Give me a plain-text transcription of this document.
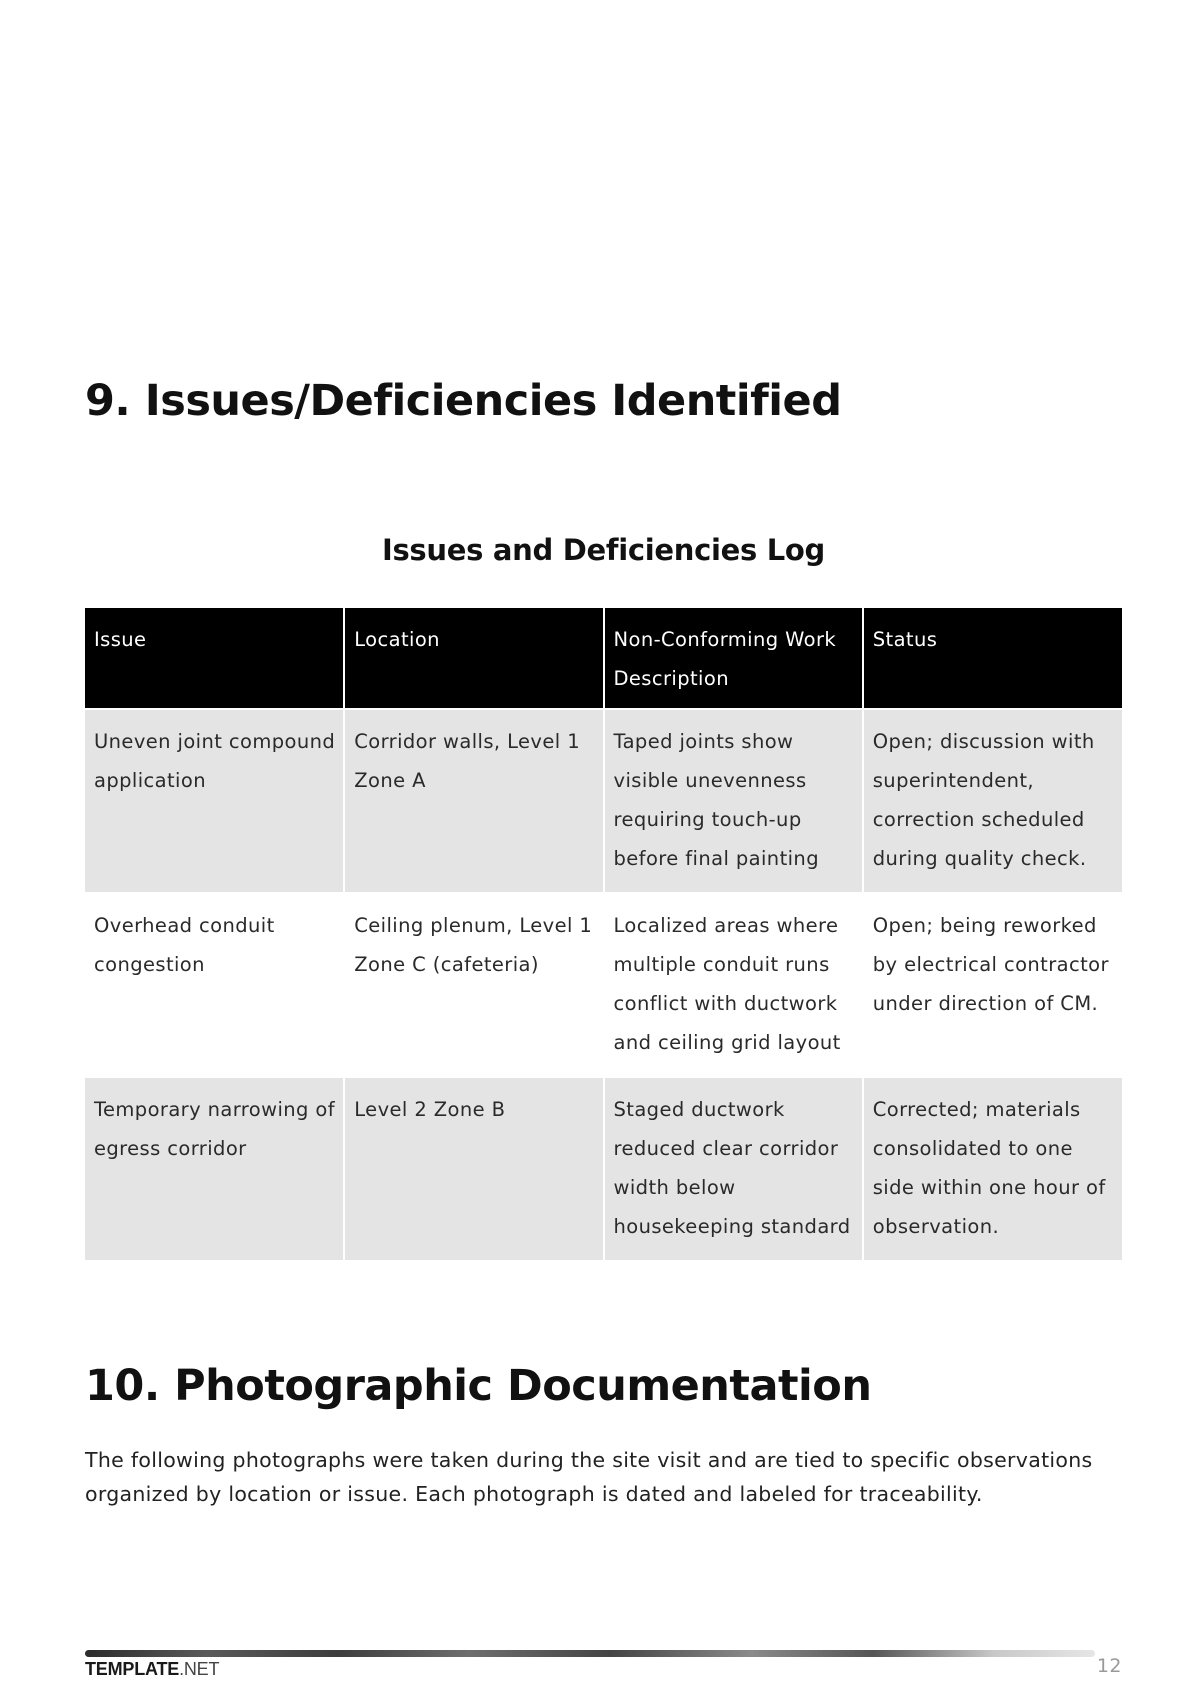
9. Issues/Deficiencies Identified
Issues and Deficiencies Log
Issue	Location	Non-Conforming Work Description	Status
Uneven joint compound application	Corridor walls, Level 1 Zone A	Taped joints show visible unevenness requiring touch-up before final painting	Open; discussion with superintendent, correction scheduled during quality check.
Overhead conduit congestion	Ceiling plenum, Level 1 Zone C (cafeteria)	Localized areas where multiple conduit runs conflict with ductwork and ceiling grid layout	Open; being reworked by electrical contractor under direction of CM.
Temporary narrowing of egress corridor	Level 2 Zone B	Staged ductwork reduced clear corridor width below housekeeping standard	Corrected; materials consolidated to one side within one hour of observation.
10. Photographic Documentation

The following photographs were taken during the site visit and are tied to specific observations organized by location or issue. Each photograph is dated and labeled for traceability.

TEMPLATE.NET	12
